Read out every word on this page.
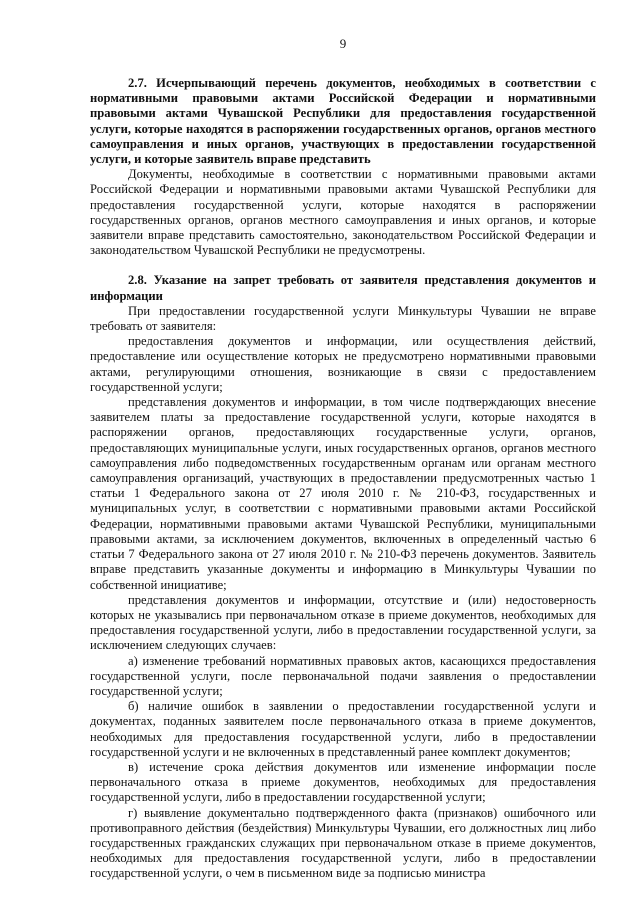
9

2.7. Исчерпывающий перечень документов, необходимых в соответствии с нормативными правовыми актами Российской Федерации и нормативными правовыми актами Чувашской Республики для предоставления государственной услуги, которые находятся в распоряжении государственных органов, органов местного самоуправления и иных органов, участвующих в предоставлении государственной услуги, и которые заявитель вправе представить

Документы, необходимые в соответствии с нормативными правовыми актами Российской Федерации и нормативными правовыми актами Чувашской Республики для предоставления государственной услуги, которые находятся в распоряжении государственных органов, органов местного самоуправления и иных органов, и которые заявители вправе представить самостоятельно, законодательством Российской Федерации и законодательством Чувашской Республики не предусмотрены.

2.8. Указание на запрет требовать от заявителя представления документов и информации

При предоставлении государственной услуги Минкультуры Чувашии не вправе требовать от заявителя:

предоставления документов и информации, или осуществления действий, предоставление или осуществление которых не предусмотрено нормативными правовыми актами, регулирующими отношения, возникающие в связи с предоставлением государственной услуги;

представления документов и информации, в том числе подтверждающих внесение заявителем платы за предоставление государственной услуги, которые находятся в распоряжении органов, предоставляющих государственные услуги, органов, предоставляющих муниципальные услуги, иных государственных органов, органов местного самоуправления либо подведомственных государственным органам или органам местного самоуправления организаций, участвующих в предоставлении предусмотренных частью 1 статьи 1 Федерального закона от 27 июля 2010 г. № 210-ФЗ, государственных и муниципальных услуг, в соответствии с нормативными правовыми актами Российской Федерации, нормативными правовыми актами Чувашской Республики, муниципальными правовыми актами, за исключением документов, включенных в определенный частью 6 статьи 7 Федерального закона от 27 июля 2010 г. № 210-ФЗ перечень документов. Заявитель вправе представить указанные документы и информацию в Минкультуры Чувашии по собственной инициативе;

представления документов и информации, отсутствие и (или) недостоверность которых не указывались при первоначальном отказе в приеме документов, необходимых для предоставления государственной услуги, либо в предоставлении государственной услуги, за исключением следующих случаев:

а) изменение требований нормативных правовых актов, касающихся предоставления государственной услуги, после первоначальной подачи заявления о предоставлении государственной услуги;

б) наличие ошибок в заявлении о предоставлении государственной услуги и документах, поданных заявителем после первоначального отказа в приеме документов, необходимых для предоставления государственной услуги, либо в предоставлении государственной услуги и не включенных в представленный ранее комплект документов;

в) истечение срока действия документов или изменение информации после первоначального отказа в приеме документов, необходимых для предоставления государственной услуги, либо в предоставлении государственной услуги;

г) выявление документально подтвержденного факта (признаков) ошибочного или противоправного действия (бездействия) Минкультуры Чувашии, его должностных лиц либо государственных гражданских служащих при первоначальном отказе в приеме документов, необходимых для предоставления государственной услуги, либо в предоставлении государственной услуги, о чем в письменном виде за подписью министра
